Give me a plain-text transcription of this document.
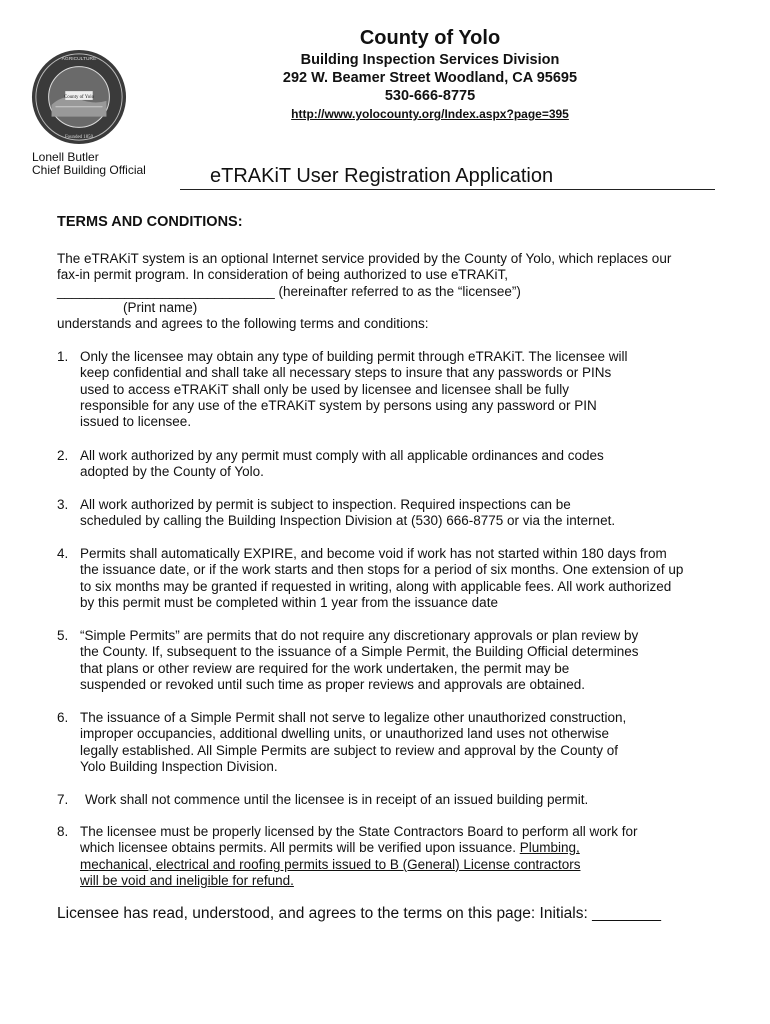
County of Yolo
AGRICULTURE
Founded 1850
County of Yolo
Building Inspection Services Division
292 W. Beamer Street Woodland, CA 95695
530-666-8775
http://www.yolocounty.org/Index.aspx?page=395
Lonell Butler
Chief Building Official	eTRAKiT User Registration Application
TERMS AND CONDITIONS:
The eTRAKiT system is an optional Internet service provided by the County of Yolo, which replaces our
fax-in permit program. In consideration of being authorized to use eTRAKiT,
_____________________________ (hereinafter referred to as the “licensee”)

(Print name)
understands and agrees to the following terms and conditions:
1. Only the licensee may obtain any type of building permit through eTRAKiT. The licensee will
keep confidential and shall take all necessary steps to insure that any passwords or PINs
used to access eTRAKiT shall only be used by licensee and licensee shall be fully
responsible for any use of the eTRAKiT system by persons using any password or PIN
issued to licensee.
2. All work authorized by any permit must comply with all applicable ordinances and codes
adopted by the County of Yolo.
3. All work authorized by permit is subject to inspection. Required inspections can be
scheduled by calling the Building Inspection Division at (530) 666-8775 or via the internet.
4. Permits shall automatically EXPIRE, and become void if work has not started within 180 days from
the issuance date, or if the work starts and then stops for a period of six months. One extension of up
to six months may be granted if requested in writing, along with applicable fees. All work authorized
by this permit must be completed within 1 year from the issuance date
5. “Simple Permits” are permits that do not require any discretionary approvals or plan review by
the County. If, subsequent to the issuance of a Simple Permit, the Building Official determines
that plans or other review are required for the work undertaken, the permit may be
suspended or revoked until such time as proper reviews and approvals are obtained.
6. The issuance of a Simple Permit shall not serve to legalize other unauthorized construction,
improper occupancies, additional dwelling units, or unauthorized land uses not otherwise
legally established. All Simple Permits are subject to review and approval by the County of
Yolo Building Inspection Division.
7. Work shall not commence until the licensee is in receipt of an issued building permit.
8. The licensee must be properly licensed by the State Contractors Board to perform all work for
which licensee obtains permits. All permits will be verified upon issuance. Plumbing,
mechanical, electrical and roofing permits issued to B (General) License contractors
will be void and ineligible for refund.
Licensee has read, understood, and agrees to the terms on this page: Initials: ________
